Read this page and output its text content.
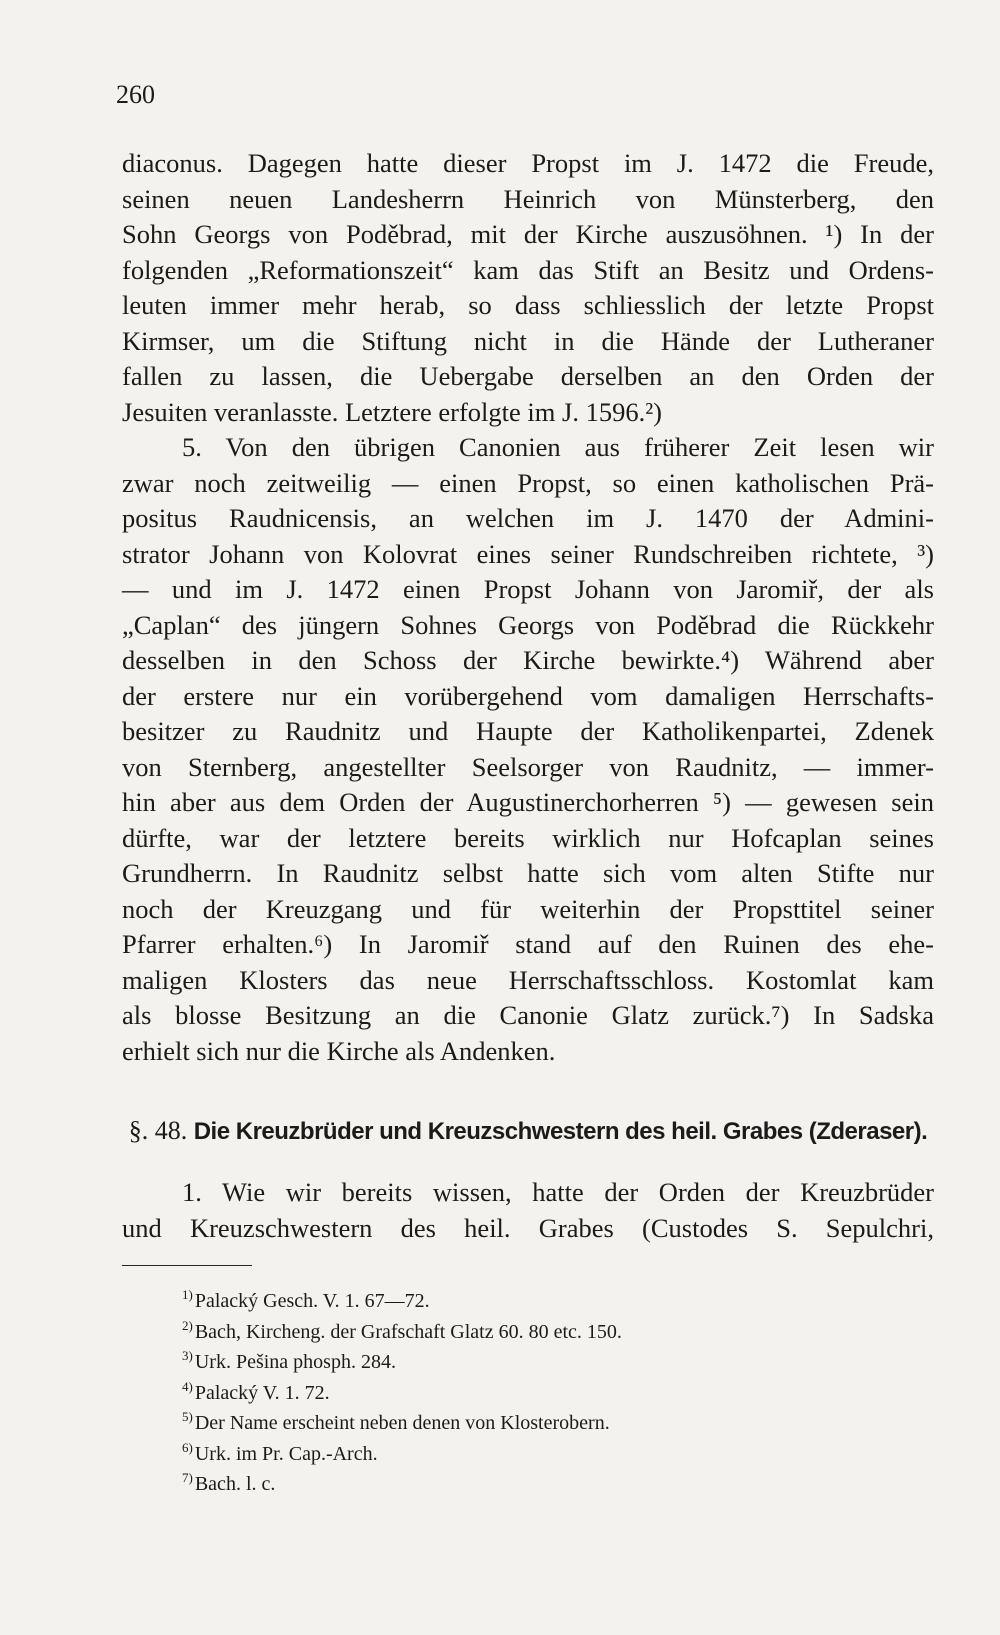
260
diaconus. Dagegen hatte dieser Propst im J. 1472 die Freude,
seinen neuen Landesherrn Heinrich von Münsterberg, den
Sohn Georgs von Poděbrad, mit der Kirche auszusöhnen. ¹) In der
folgenden „Reformationszeit“ kam das Stift an Besitz und Ordens-
leuten immer mehr herab, so dass schliesslich der letzte Propst
Kirmser, um die Stiftung nicht in die Hände der Lutheraner
fallen zu lassen, die Uebergabe derselben an den Orden der
Jesuiten veranlasste. Letztere erfolgte im J. 1596.²)
5. Von den übrigen Canonien aus früherer Zeit lesen wir
zwar noch zeitweilig — einen Propst, so einen katholischen Prä-
positus Raudnicensis, an welchen im J. 1470 der Admini-
strator Johann von Kolovrat eines seiner Rundschreiben richtete, ³)
— und im J. 1472 einen Propst Johann von Jaromiř, der als
„Caplan“ des jüngern Sohnes Georgs von Poděbrad die Rückkehr
desselben in den Schoss der Kirche bewirkte.⁴) Während aber
der erstere nur ein vorübergehend vom damaligen Herrschafts-
besitzer zu Raudnitz und Haupte der Katholikenpartei, Zdenek
von Sternberg, angestellter Seelsorger von Raudnitz, — immer-
hin aber aus dem Orden der Augustinerchorherren ⁵) — gewesen sein
dürfte, war der letztere bereits wirklich nur Hofcaplan seines
Grundherrn. In Raudnitz selbst hatte sich vom alten Stifte nur
noch der Kreuzgang und für weiterhin der Propsttitel seiner
Pfarrer erhalten.⁶) In Jaromiř stand auf den Ruinen des ehe-
maligen Klosters das neue Herrschaftsschloss. Kostomlat kam
als blosse Besitzung an die Canonie Glatz zurück.⁷) In Sadska
erhielt sich nur die Kirche als Andenken.
§. 48. Die Kreuzbrüder und Kreuzschwestern des heil. Grabes (Zderaser).
1. Wie wir bereits wissen, hatte der Orden der Kreuzbrüder
und Kreuzschwestern des heil. Grabes (Custodes S. Sepulchri,
$^{1)}$ Palacký Gesch. V. 1. 67—72.
$^{2)}$ Bach, Kircheng. der Grafschaft Glatz 60. 80 etc. 150.
$^{3)}$ Urk. Pešina phosph. 284.
$^{4)}$ Palacký V. 1. 72.
$^{5)}$ Der Name erscheint neben denen von Klosterobern.
$^{6)}$ Urk. im Pr. Cap.-Arch.
$^{7)}$ Bach. l. c.
